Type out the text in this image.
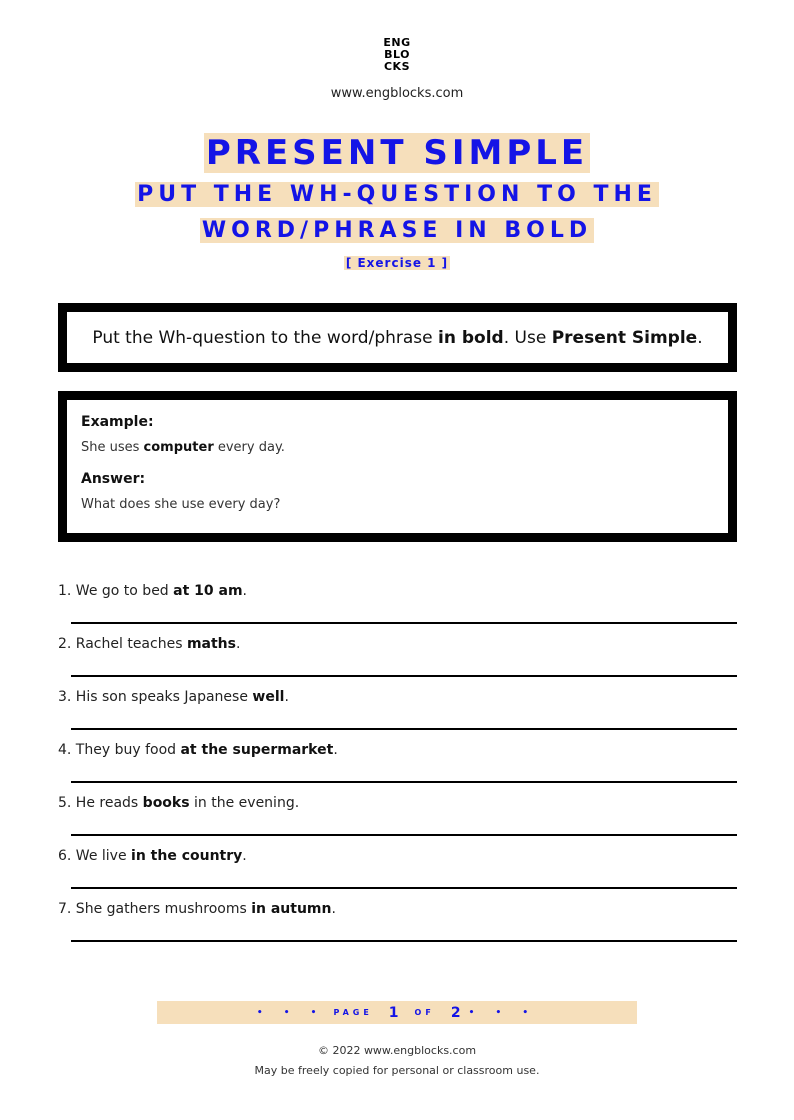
ENG
BLO
CKS
www.engblocks.com
PRESENT SIMPLE
PUT THE WH-QUESTION TO THE
WORD/PHRASE IN BOLD
[ Exercise 1 ]

Put the Wh-question to the word/phrase in bold. Use Present Simple.

Example:
She uses computer every day.
Answer:
What does she use every day?
1. We go to bed at 10 am.
2. Rachel teaches maths.
3. His son speaks Japanese well.
4. They buy food at the supermarket.
5. He reads books in the evening.
6. We live in the country.
7. She gathers mushrooms in autumn.
• • • PAGE 1 OF 2 • • •
© 2022 www.engblocks.com
May be freely copied for personal or classroom use.
